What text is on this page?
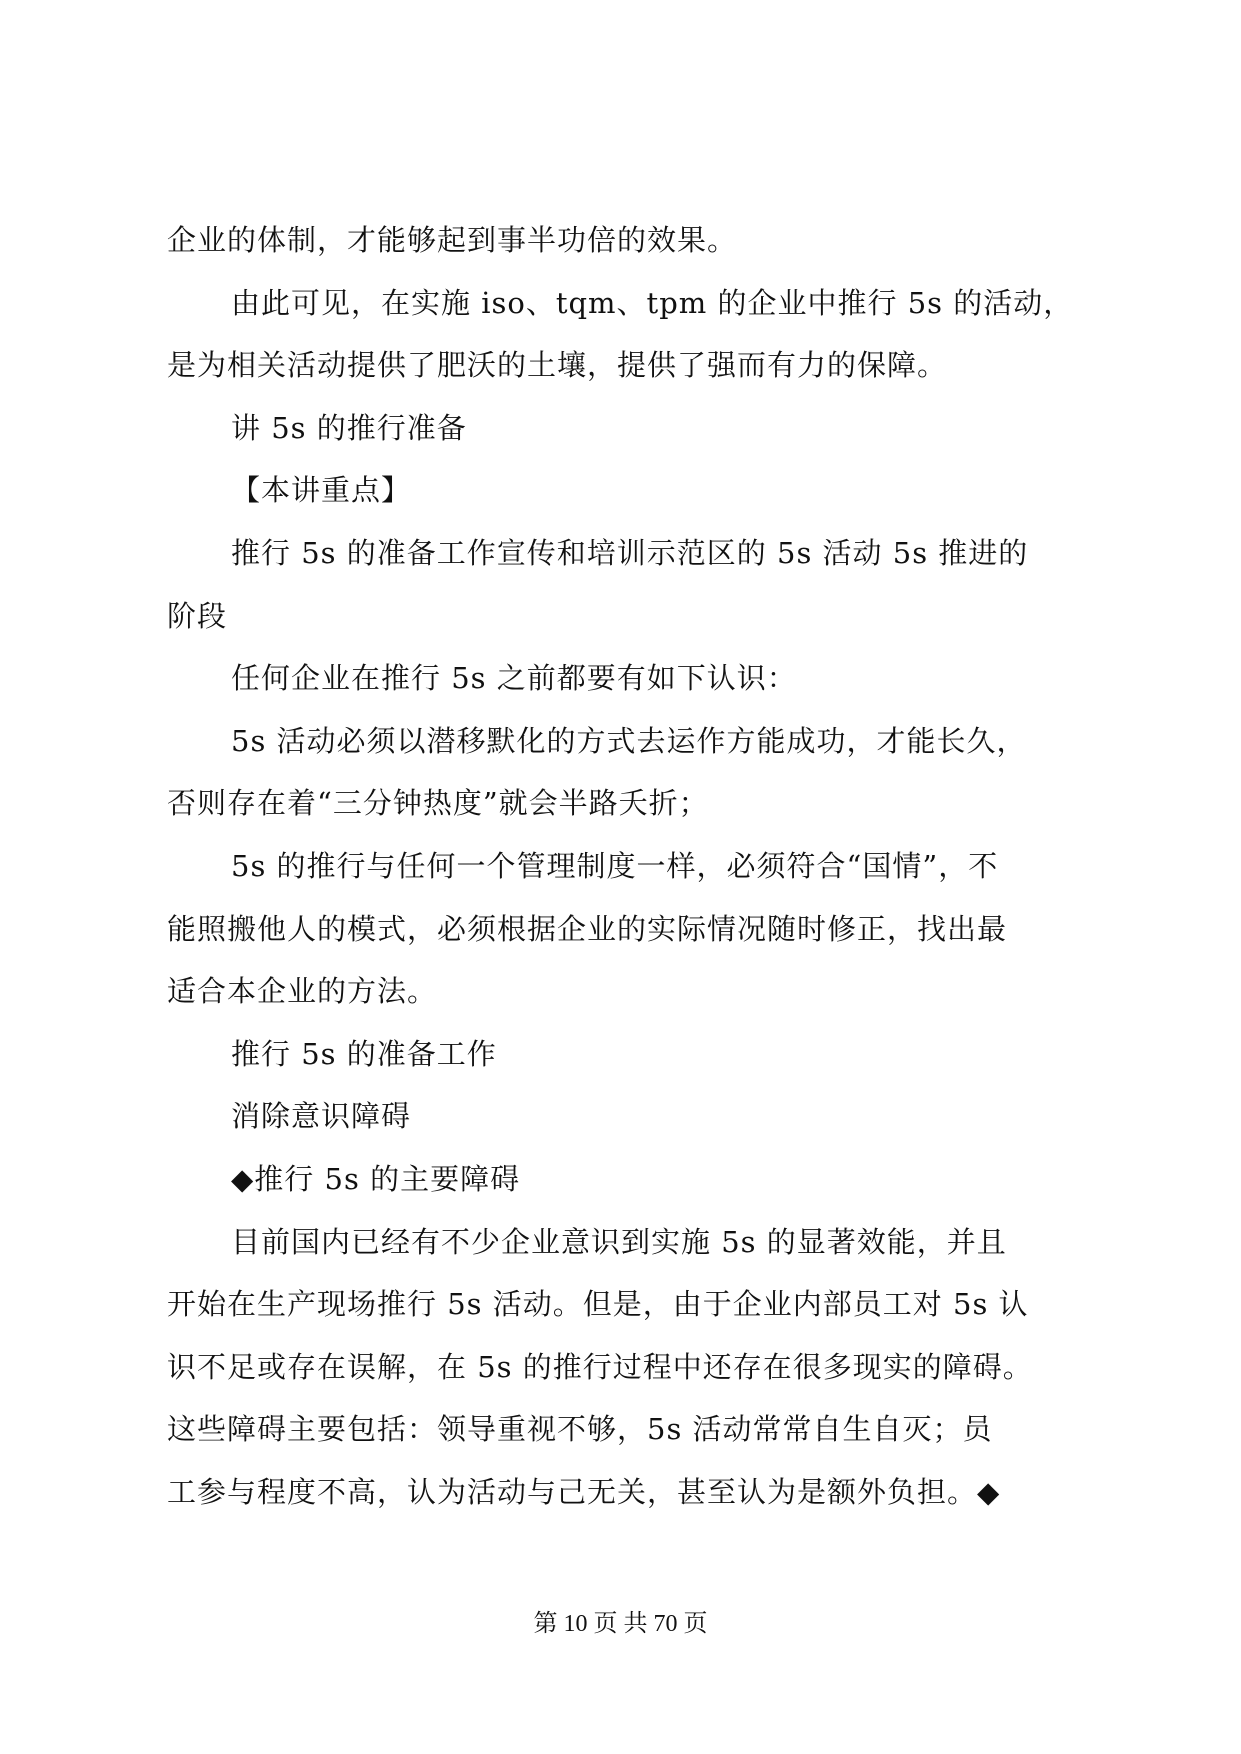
企业的体制，才能够起到事半功倍的效果。
由此可见，在实施 iso、tqm、tpm 的企业中推行 5s 的活动，
是为相关活动提供了肥沃的土壤，提供了强而有力的保障。
讲 5s 的推行准备
【本讲重点】
推行 5s 的准备工作宣传和培训示范区的 5s 活动 5s 推进的
阶段
任何企业在推行 5s 之前都要有如下认识：
5s 活动必须以潜移默化的方式去运作方能成功，才能长久，
否则存在着“三分钟热度”就会半路夭折；
5s 的推行与任何一个管理制度一样，必须符合“国情”，不
能照搬他人的模式，必须根据企业的实际情况随时修正，找出最
适合本企业的方法。
推行 5s 的准备工作
消除意识障碍
◆推行 5s 的主要障碍
目前国内已经有不少企业意识到实施 5s 的显著效能，并且
开始在生产现场推行 5s 活动。但是，由于企业内部员工对 5s 认
识不足或存在误解，在 5s 的推行过程中还存在很多现实的障碍。
这些障碍主要包括：领导重视不够，5s 活动常常自生自灭；员
工参与程度不高，认为活动与己无关，甚至认为是额外负担。◆
第 10 页 共 70 页
